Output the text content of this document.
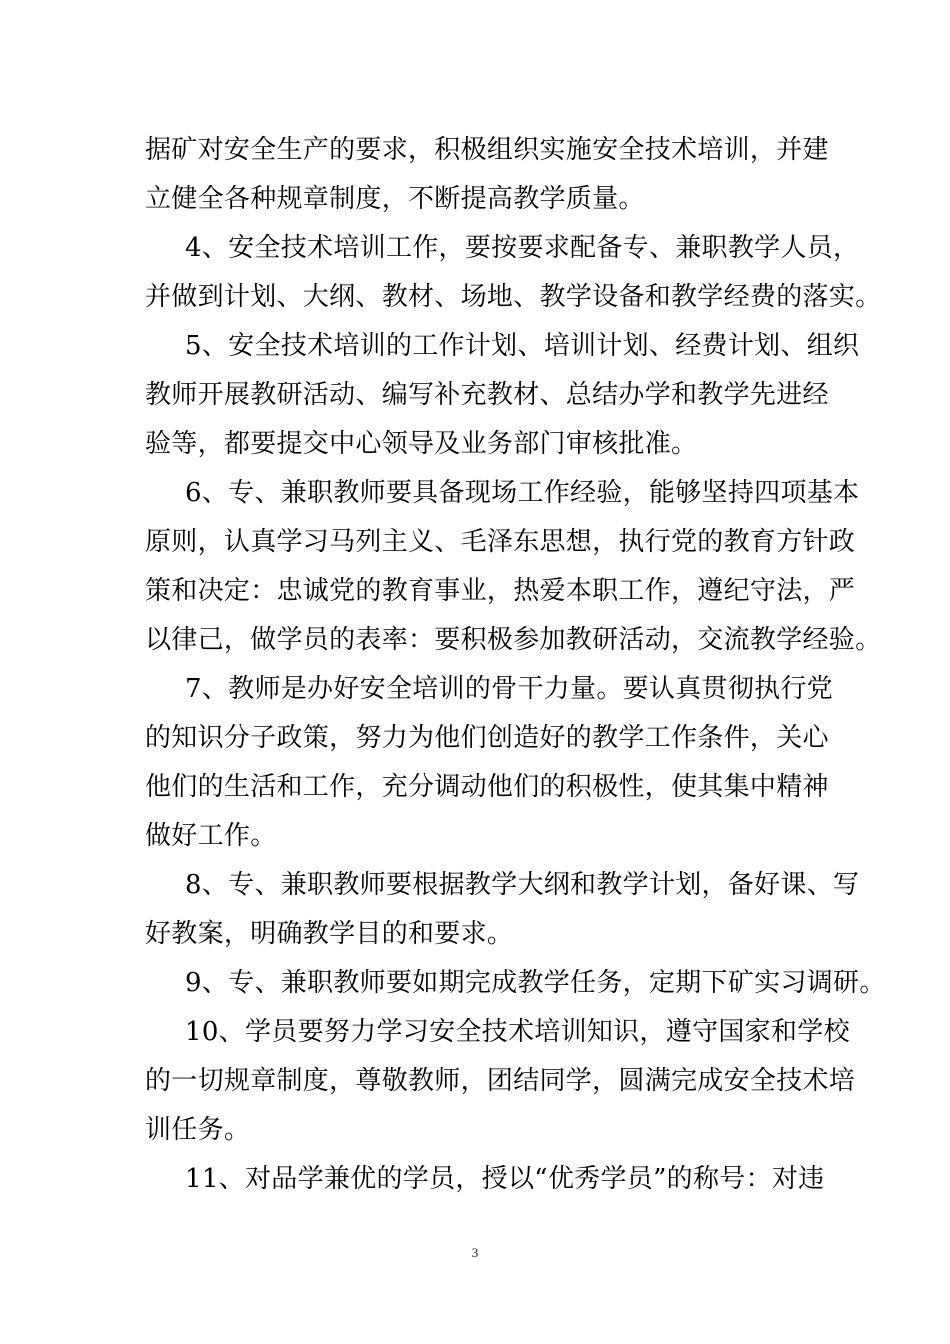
据矿对安全生产的要求，积极组织实施安全技术培训，并建
立健全各种规章制度，不断提高教学质量。
4、安全技术培训工作，要按要求配备专、兼职教学人员，
并做到计划、大纲、教材、场地、教学设备和教学经费的落实。
5、安全技术培训的工作计划、培训计划、经费计划、组织
教师开展教研活动、编写补充教材、总结办学和教学先进经
验等，都要提交中心领导及业务部门审核批准。
6、专、兼职教师要具备现场工作经验，能够坚持四项基本
原则，认真学习马列主义、毛泽东思想，执行党的教育方针政
策和决定：忠诚党的教育事业，热爱本职工作，遵纪守法，严
以律己，做学员的表率：要积极参加教研活动，交流教学经验。
7、教师是办好安全培训的骨干力量。要认真贯彻执行党
的知识分子政策，努力为他们创造好的教学工作条件，关心
他们的生活和工作，充分调动他们的积极性，使其集中精神
做好工作。
8、专、兼职教师要根据教学大纲和教学计划，备好课、写
好教案，明确教学目的和要求。
9、专、兼职教师要如期完成教学任务，定期下矿实习调研。
10、学员要努力学习安全技术培训知识，遵守国家和学校
的一切规章制度，尊敬教师，团结同学，圆满完成安全技术培
训任务。
11、对品学兼优的学员，授以“优秀学员”的称号：对违
3
